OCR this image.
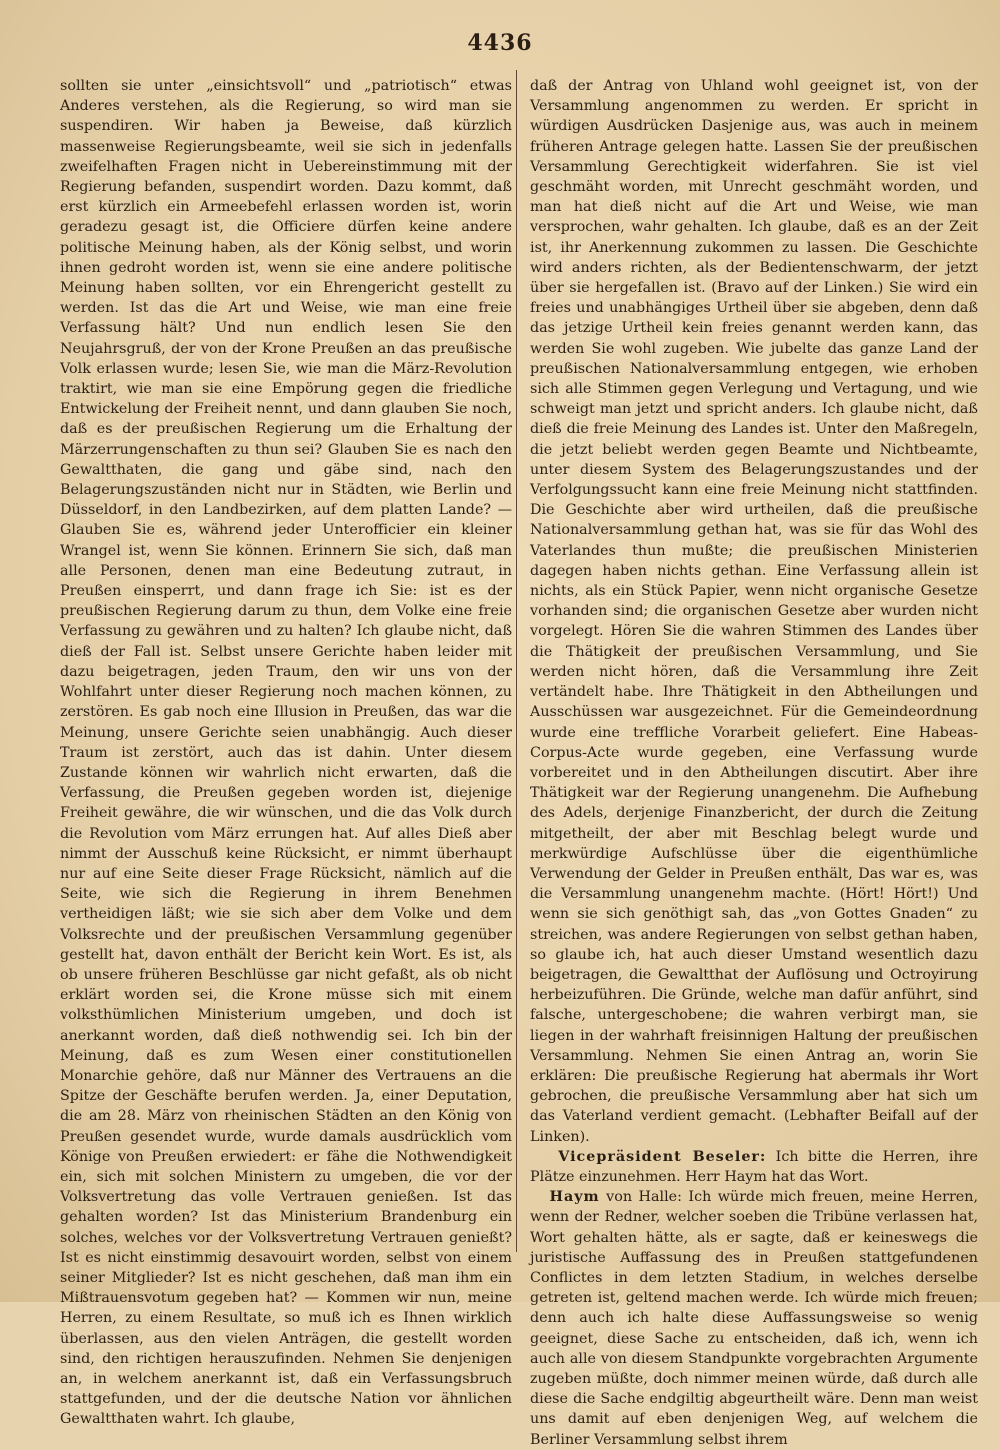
4436

sollten sie unter „einsichtsvoll“ und „patriotisch“ etwas Anderes verstehen, als die Regierung, so wird man sie suspendiren. Wir haben ja Beweise, daß kürzlich massenweise Regierungsbeamte, weil sie sich in jedenfalls zweifelhaften Fragen nicht in Uebereinstimmung mit der Regierung befanden, suspendirt worden. Dazu kommt, daß erst kürzlich ein Armeebefehl erlassen worden ist, worin geradezu gesagt ist, die Officiere dürfen keine andere politische Meinung haben, als der König selbst, und worin ihnen gedroht worden ist, wenn sie eine andere politische Meinung haben sollten, vor ein Ehrengericht gestellt zu werden. Ist das die Art und Weise, wie man eine freie Verfassung hält? Und nun endlich lesen Sie den Neujahrsgruß, der von der Krone Preußen an das preußische Volk erlassen wurde; lesen Sie, wie man die März-Revolution traktirt, wie man sie eine Empörung gegen die friedliche Entwickelung der Freiheit nennt, und dann glauben Sie noch, daß es der preußischen Regierung um die Erhaltung der Märzerrungenschaften zu thun sei? Glauben Sie es nach den Gewaltthaten, die gang und gäbe sind, nach den Belagerungszuständen nicht nur in Städten, wie Berlin und Düsseldorf, in den Landbezirken, auf dem platten Lande? — Glauben Sie es, während jeder Unterofficier ein kleiner Wrangel ist, wenn Sie können. Erinnern Sie sich, daß man alle Personen, denen man eine Bedeutung zutraut, in Preußen einsperrt, und dann frage ich Sie: ist es der preußischen Regierung darum zu thun, dem Volke eine freie Verfassung zu gewähren und zu halten? Ich glaube nicht, daß dieß der Fall ist. Selbst unsere Gerichte haben leider mit dazu beigetragen, jeden Traum, den wir uns von der Wohlfahrt unter dieser Regierung noch machen können, zu zerstören. Es gab noch eine Illusion in Preußen, das war die Meinung, unsere Gerichte seien unabhängig. Auch dieser Traum ist zerstört, auch das ist dahin. Unter diesem Zustande können wir wahrlich nicht erwarten, daß die Verfassung, die Preußen gegeben worden ist, diejenige Freiheit gewähre, die wir wünschen, und die das Volk durch die Revolution vom März errungen hat. Auf alles Dieß aber nimmt der Ausschuß keine Rücksicht, er nimmt überhaupt nur auf eine Seite dieser Frage Rücksicht, nämlich auf die Seite, wie sich die Regierung in ihrem Benehmen vertheidigen läßt; wie sie sich aber dem Volke und dem Volksrechte und der preußischen Versammlung gegenüber gestellt hat, davon enthält der Bericht kein Wort. Es ist, als ob unsere früheren Beschlüsse gar nicht gefaßt, als ob nicht erklärt worden sei, die Krone müsse sich mit einem volksthümlichen Ministerium umgeben, und doch ist anerkannt worden, daß dieß nothwendig sei. Ich bin der Meinung, daß es zum Wesen einer constitutionellen Monarchie gehöre, daß nur Männer des Vertrauens an die Spitze der Geschäfte berufen werden. Ja, einer Deputation, die am 28. März von rheinischen Städten an den König von Preußen gesendet wurde, wurde damals ausdrücklich vom Könige von Preußen erwiedert: er fähe die Nothwendigkeit ein, sich mit solchen Ministern zu umgeben, die vor der Volksvertretung das volle Vertrauen genießen. Ist das gehalten worden? Ist das Ministerium Brandenburg ein solches, welches vor der Volksvertretung Vertrauen genießt? Ist es nicht einstimmig desavouirt worden, selbst von einem seiner Mitglieder? Ist es nicht geschehen, daß man ihm ein Mißtrauensvotum gegeben hat? — Kommen wir nun, meine Herren, zu einem Resultate, so muß ich es Ihnen wirklich überlassen, aus den vielen Anträgen, die gestellt worden sind, den richtigen herauszufinden. Nehmen Sie denjenigen an, in welchem anerkannt ist, daß ein Verfassungsbruch stattgefunden, und der die deutsche Nation vor ähnlichen Gewaltthaten wahrt. Ich glaube,

daß der Antrag von Uhland wohl geeignet ist, von der Versammlung angenommen zu werden. Er spricht in würdigen Ausdrücken Dasjenige aus, was auch in meinem früheren Antrage gelegen hatte. Lassen Sie der preußischen Versammlung Gerechtigkeit widerfahren. Sie ist viel geschmäht worden, mit Unrecht geschmäht worden, und man hat dieß nicht auf die Art und Weise, wie man versprochen, wahr gehalten. Ich glaube, daß es an der Zeit ist, ihr Anerkennung zukommen zu lassen. Die Geschichte wird anders richten, als der Bedientenschwarm, der jetzt über sie hergefallen ist. (Bravo auf der Linken.) Sie wird ein freies und unabhängiges Urtheil über sie abgeben, denn daß das jetzige Urtheil kein freies genannt werden kann, das werden Sie wohl zugeben. Wie jubelte das ganze Land der preußischen Nationalversammlung entgegen, wie erhoben sich alle Stimmen gegen Verlegung und Vertagung, und wie schweigt man jetzt und spricht anders. Ich glaube nicht, daß dieß die freie Meinung des Landes ist. Unter den Maßregeln, die jetzt beliebt werden gegen Beamte und Nichtbeamte, unter diesem System des Belagerungszustandes und der Verfolgungssucht kann eine freie Meinung nicht stattfinden. Die Geschichte aber wird urtheilen, daß die preußische Nationalversammlung gethan hat, was sie für das Wohl des Vaterlandes thun mußte; die preußischen Ministerien dagegen haben nichts gethan. Eine Verfassung allein ist nichts, als ein Stück Papier, wenn nicht organische Gesetze vorhanden sind; die organischen Gesetze aber wurden nicht vorgelegt. Hören Sie die wahren Stimmen des Landes über die Thätigkeit der preußischen Versammlung, und Sie werden nicht hören, daß die Versammlung ihre Zeit vertändelt habe. Ihre Thätigkeit in den Abtheilungen und Ausschüssen war ausgezeichnet. Für die Gemeindeordnung wurde eine treffliche Vorarbeit geliefert. Eine Habeas-Corpus-Acte wurde gegeben, eine Verfassung wurde vorbereitet und in den Abtheilungen discutirt. Aber ihre Thätigkeit war der Regierung unangenehm. Die Aufhebung des Adels, derjenige Finanzbericht, der durch die Zeitung mitgetheilt, der aber mit Beschlag belegt wurde und merkwürdige Aufschlüsse über die eigenthümliche Verwendung der Gelder in Preußen enthält, Das war es, was die Versammlung unangenehm machte. (Hört! Hört!) Und wenn sie sich genöthigt sah, das „von Gottes Gnaden“ zu streichen, was andere Regierungen von selbst gethan haben, so glaube ich, hat auch dieser Umstand wesentlich dazu beigetragen, die Gewaltthat der Auflösung und Octroyirung herbeizuführen. Die Gründe, welche man dafür anführt, sind falsche, untergeschobene; die wahren verbirgt man, sie liegen in der wahrhaft freisinnigen Haltung der preußischen Versammlung. Nehmen Sie einen Antrag an, worin Sie erklären: Die preußische Regierung hat abermals ihr Wort gebrochen, die preußische Versammlung aber hat sich um das Vaterland verdient gemacht. (Lebhafter Beifall auf der Linken).

Vicepräsident Beseler: Ich bitte die Herren, ihre Plätze einzunehmen. Herr Haym hat das Wort.

Haym von Halle: Ich würde mich freuen, meine Herren, wenn der Redner, welcher soeben die Tribüne verlassen hat, Wort gehalten hätte, als er sagte, daß er keineswegs die juristische Auffassung des in Preußen stattgefundenen Conflictes in dem letzten Stadium, in welches derselbe getreten ist, geltend machen werde. Ich würde mich freuen; denn auch ich halte diese Auffassungsweise so wenig geeignet, diese Sache zu entscheiden, daß ich, wenn ich auch alle von diesem Standpunkte vorgebrachten Argumente zugeben müßte, doch nimmer meinen würde, daß durch alle diese die Sache endgiltig abgeurtheilt wäre. Denn man weist uns damit auf eben denjenigen Weg, auf welchem die Berliner Versammlung selbst ihrem
